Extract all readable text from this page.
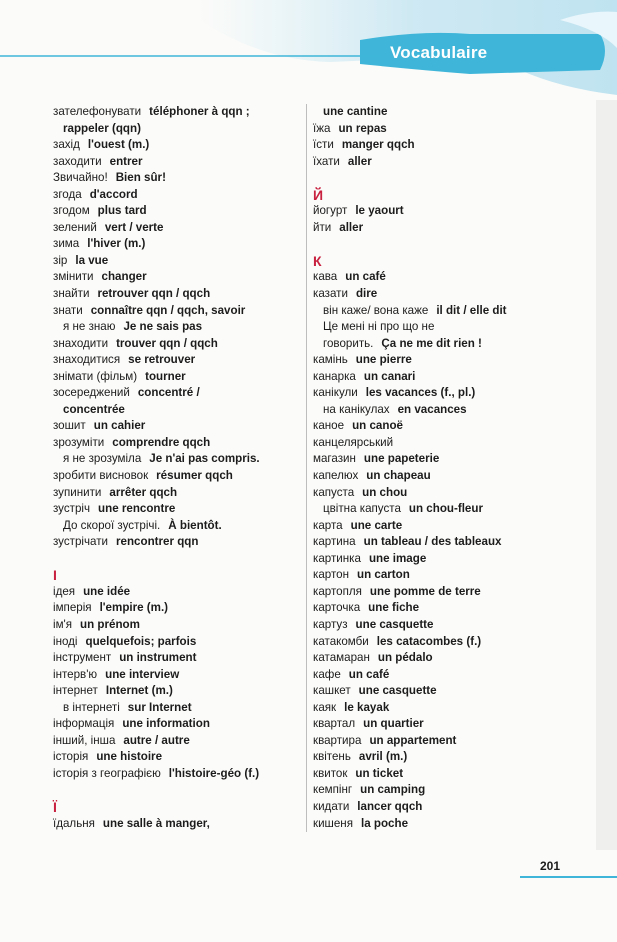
Vocabulaire
зателефонувати téléphoner à qqn ;
rappeler (qqn)
захід l'ouest (m.)
заходити entrer
Звичайно! Bien sûr!
згода d'accord
згодом plus tard
зелений vert / verte
зима l'hiver (m.)
зір la vue
змінити changer
знайти retrouver qqn / qqch
знати connaître qqn / qqch, savoir
я не знаю Je ne sais pas
знаходити trouver qqn / qqch
знаходитися se retrouver
знімати (фільм) tourner
зосереджений concentré /
concentrée
зошит un cahier
зрозуміти comprendre qqch
я не зрозуміла Je n'ai pas compris.
зробити висновок résumer qqch
зупинити arrêter qqch
зустріч une rencontre
До скорої зустрічі. À bientôt.
зустрічати rencontrer qqn
І
ідея une idée
імперія l'empire (m.)
ім'я un prénom
іноді quelquefois; parfois
інструмент un instrument
інтерв'ю une interview
інтернет Internet (m.)
в інтернеті sur Internet
інформація une information
інший, інша autre / autre
історія une histoire
історія з географією l'histoire-géo (f.)
Ї
їдальня une salle à manger,
une cantine
їжа un repas
їсти manger qqch
їхати aller
Й
йогурт le yaourt
йти aller
К
кава un café
казати dire
він каже/ вона каже il dit / elle dit
Це мені ні про що не
говорить. Ça ne me dit rien !
камінь une pierre
канарка un canari
канікули les vacances (f., pl.)
на канікулах en vacances
каное un canoë
канцелярський
магазин une papeterie
капелюх un chapeau
капуста un chou
цвітна капуста un chou-fleur
карта une carte
картина un tableau / des tableaux
картинка une image
картон un carton
картопля une pomme de terre
карточка une fiche
картуз une casquette
катакомби les catacombes (f.)
катамаран un pédalo
кафе un café
кашкет une casquette
каяк le kayak
квартал un quartier
квартира un appartement
квітень avril (m.)
квиток un ticket
кемпінг un camping
кидати lancer qqch
кишеня la poche
201
